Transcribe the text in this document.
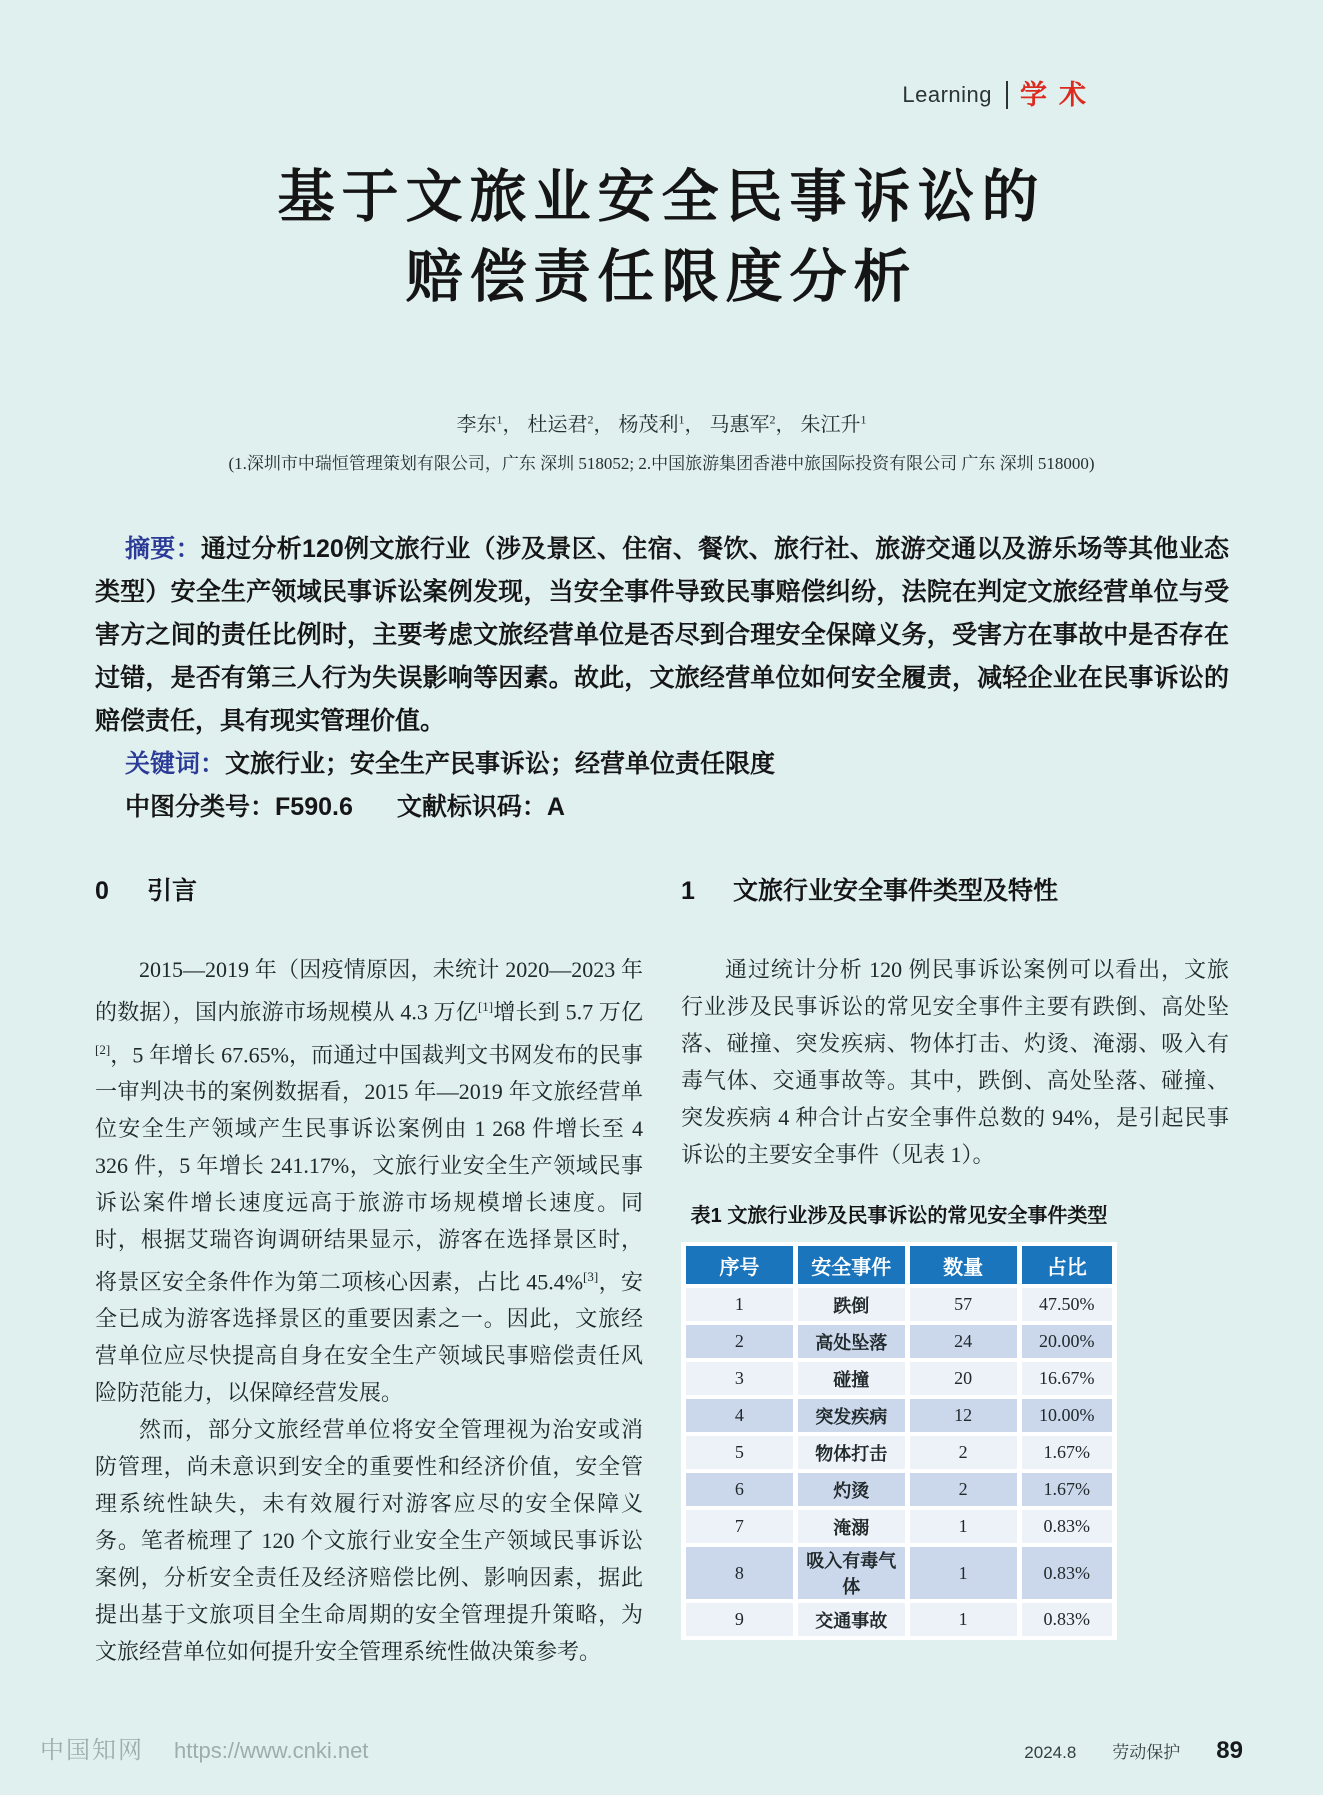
Learning 学术
基于文旅业安全民事诉讼的
赔偿责任限度分析
李东$^1$， 杜运君$^2$， 杨茂利$^1$， 马惠军$^2$， 朱江升$^1$
(1.深圳市中瑞恒管理策划有限公司，广东 深圳 518052; 2.中国旅游集团香港中旅国际投资有限公司 广东 深圳 518000)

摘要：通过分析120例文旅行业（涉及景区、住宿、餐饮、旅行社、旅游交通以及游乐场等其他业态类型）安全生产领域民事诉讼案例发现，当安全事件导致民事赔偿纠纷，法院在判定文旅经营单位与受害方之间的责任比例时，主要考虑文旅经营单位是否尽到合理安全保障义务，受害方在事故中是否存在过错，是否有第三人行为失误影响等因素。故此，文旅经营单位如何安全履责，减轻企业在民事诉讼的赔偿责任，具有现实管理价值。

关键词：文旅行业；安全生产民事诉讼；经营单位责任限度

中图分类号：F590.6 文献标识码：A

0 引言

2015—2019 年（因疫情原因，未统计 2020—2023 年的数据），国内旅游市场规模从 4.3 万亿[1]增长到 5.7 万亿[2]，5 年增长 67.65%，而通过中国裁判文书网发布的民事一审判决书的案例数据看，2015 年—2019 年文旅经营单位安全生产领域产生民事诉讼案例由 1 268 件增长至 4 326 件，5 年增长 241.17%，文旅行业安全生产领域民事诉讼案件增长速度远高于旅游市场规模增长速度。同时，根据艾瑞咨询调研结果显示，游客在选择景区时，将景区安全条件作为第二项核心因素，占比 45.4%[3]，安全已成为游客选择景区的重要因素之一。因此，文旅经营单位应尽快提高自身在安全生产领域民事赔偿责任风险防范能力，以保障经营发展。

然而，部分文旅经营单位将安全管理视为治安或消防管理，尚未意识到安全的重要性和经济价值，安全管理系统性缺失，未有效履行对游客应尽的安全保障义务。笔者梳理了 120 个文旅行业安全生产领域民事诉讼案例，分析安全责任及经济赔偿比例、影响因素，据此提出基于文旅项目全生命周期的安全管理提升策略，为文旅经营单位如何提升安全管理系统性做决策参考。

1 文旅行业安全事件类型及特性

通过统计分析 120 例民事诉讼案例可以看出，文旅行业涉及民事诉讼的常见安全事件主要有跌倒、高处坠落、碰撞、突发疾病、物体打击、灼烫、淹溺、吸入有毒气体、交通事故等。其中，跌倒、高处坠落、碰撞、突发疾病 4 种合计占安全事件总数的 94%，是引起民事诉讼的主要安全事件（见表 1）。

表1 文旅行业涉及民事诉讼的常见安全事件类型
序号	安全事件	数量	占比
1	跌倒	57	47.50%
2	高处坠落	24	20.00%
3	碰撞	20	16.67%
4	突发疾病	12	10.00%
5	物体打击	2	1.67%
6	灼烫	2	1.67%
7	淹溺	1	0.83%
8	吸入有毒气体	1	0.83%
9	交通事故	1	0.83%
中国知网 https://www.cnki.net	2024.8 劳动保护 89
